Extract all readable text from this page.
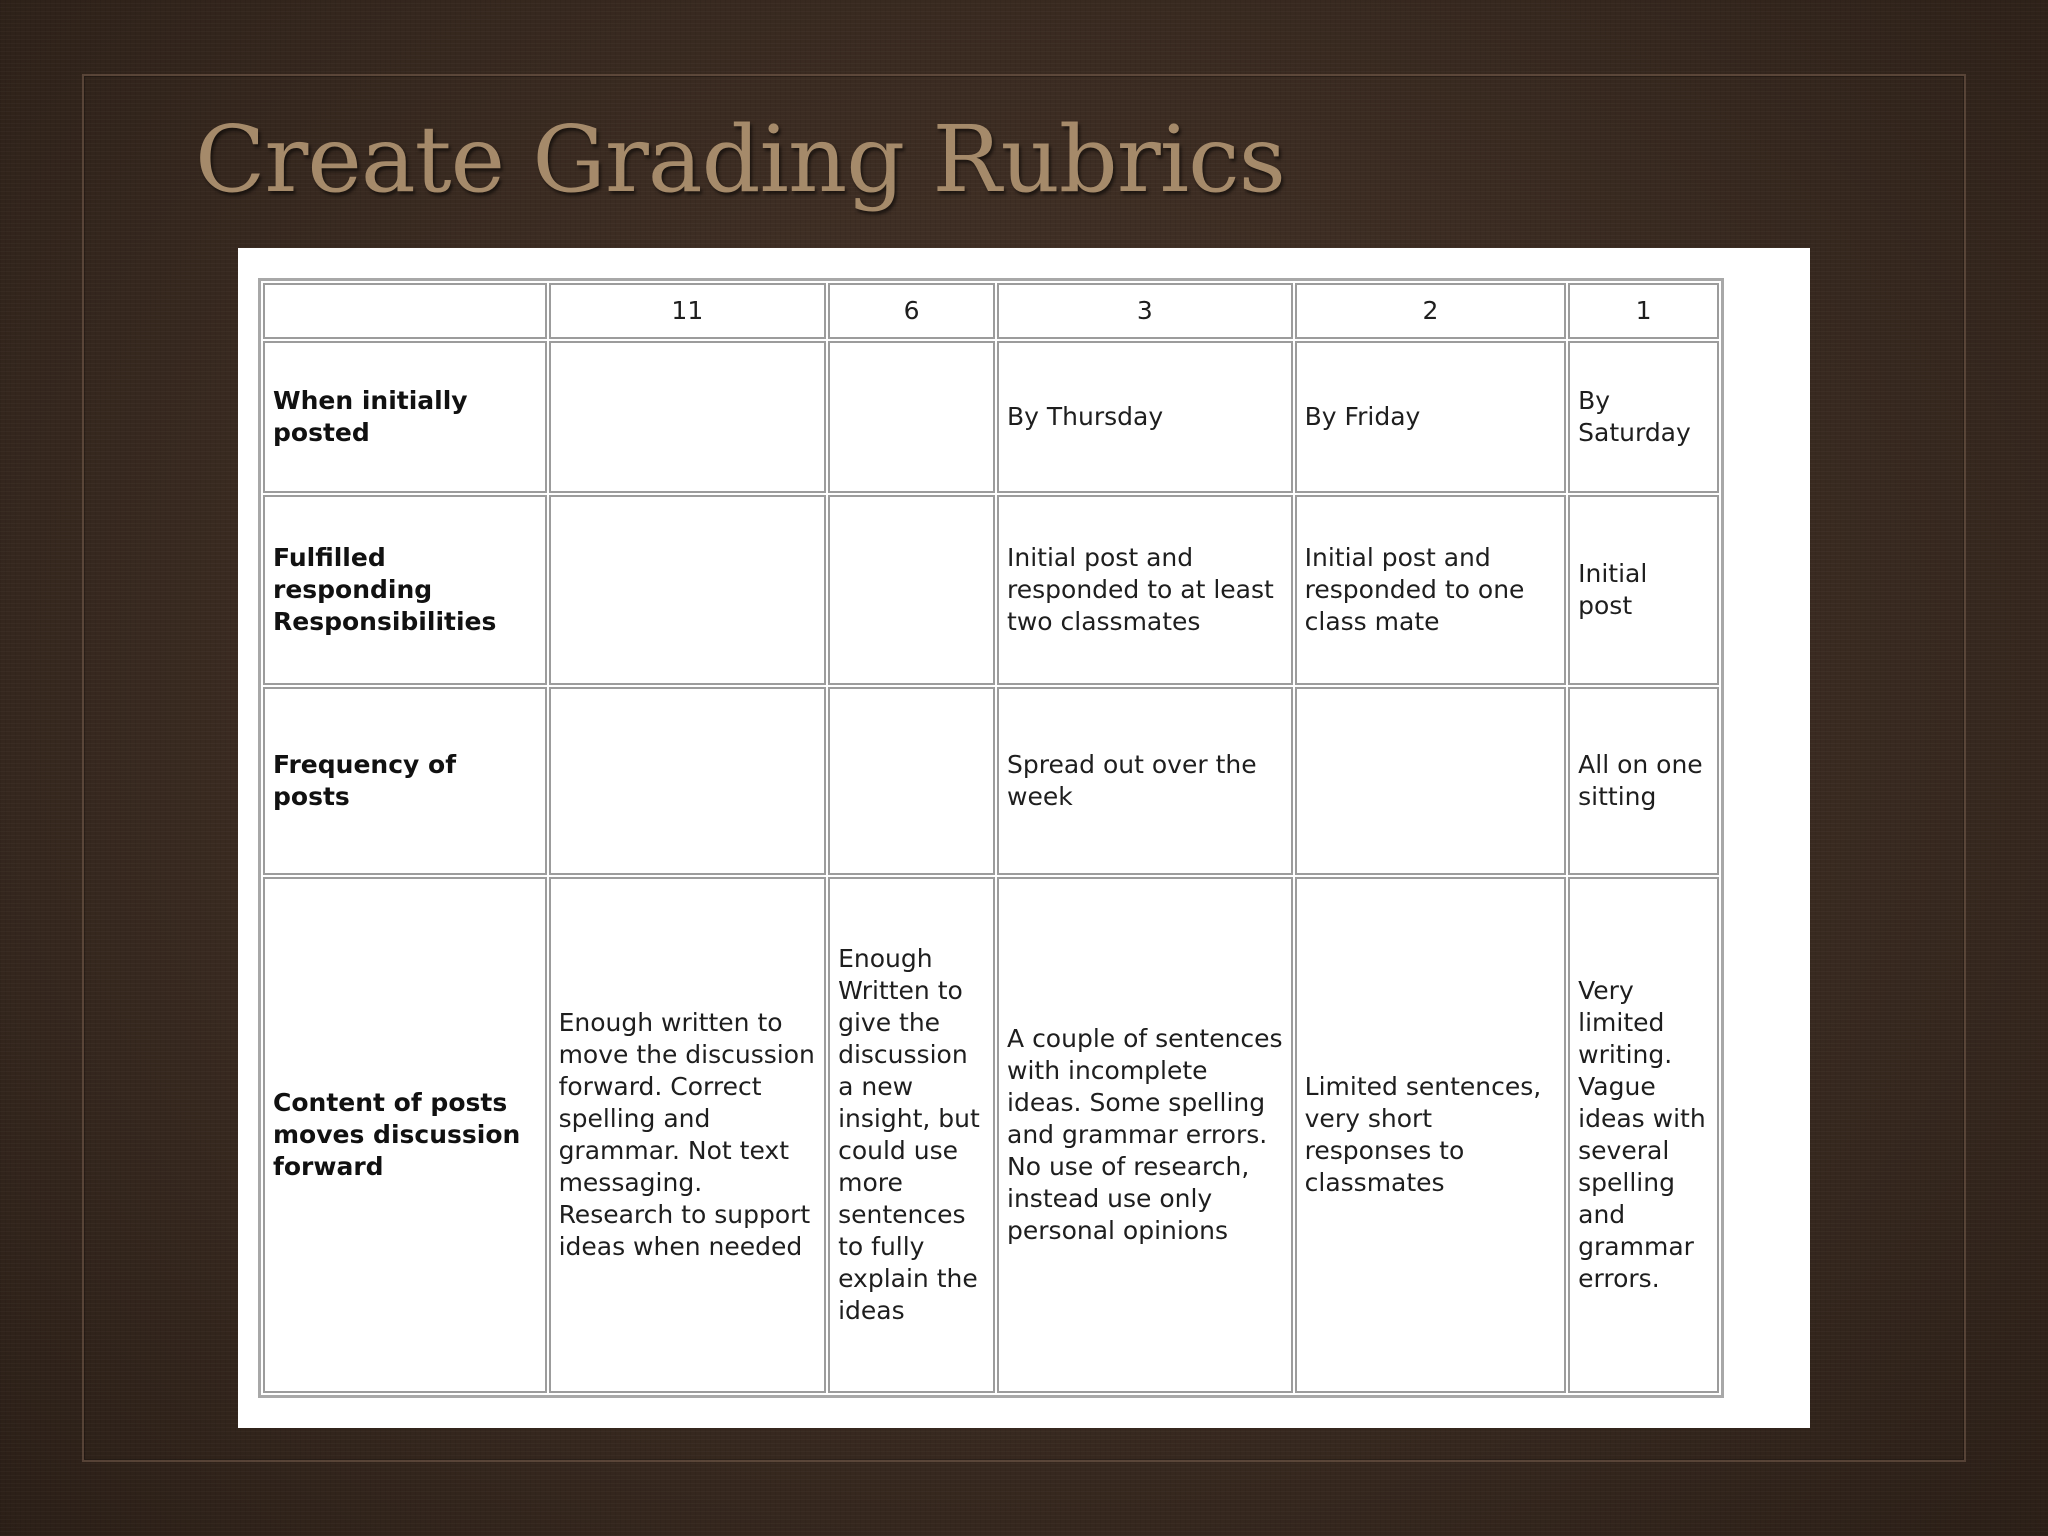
Create Grading Rubrics
	11	6	3	2	1
When initially posted			By Thursday	By Friday	By Saturday
Fulfilled responding Responsibilities			Initial post and responded to at least two classmates	Initial post and responded to one class mate	Initial post
Frequency of posts			Spread out over the week		All on one sitting
Content of posts moves discussion forward	Enough written to move the discussion forward. Correct spelling and grammar. Not text messaging. Research to support ideas when needed	Enough Written to give the discussion a new insight, but could use more sentences to fully explain the ideas	A couple of sentences with incomplete ideas. Some spelling and grammar errors. No use of research, instead use only personal opinions	Limited sentences, very short responses to classmates	Very limited writing. Vague ideas with several spelling and grammar errors.
